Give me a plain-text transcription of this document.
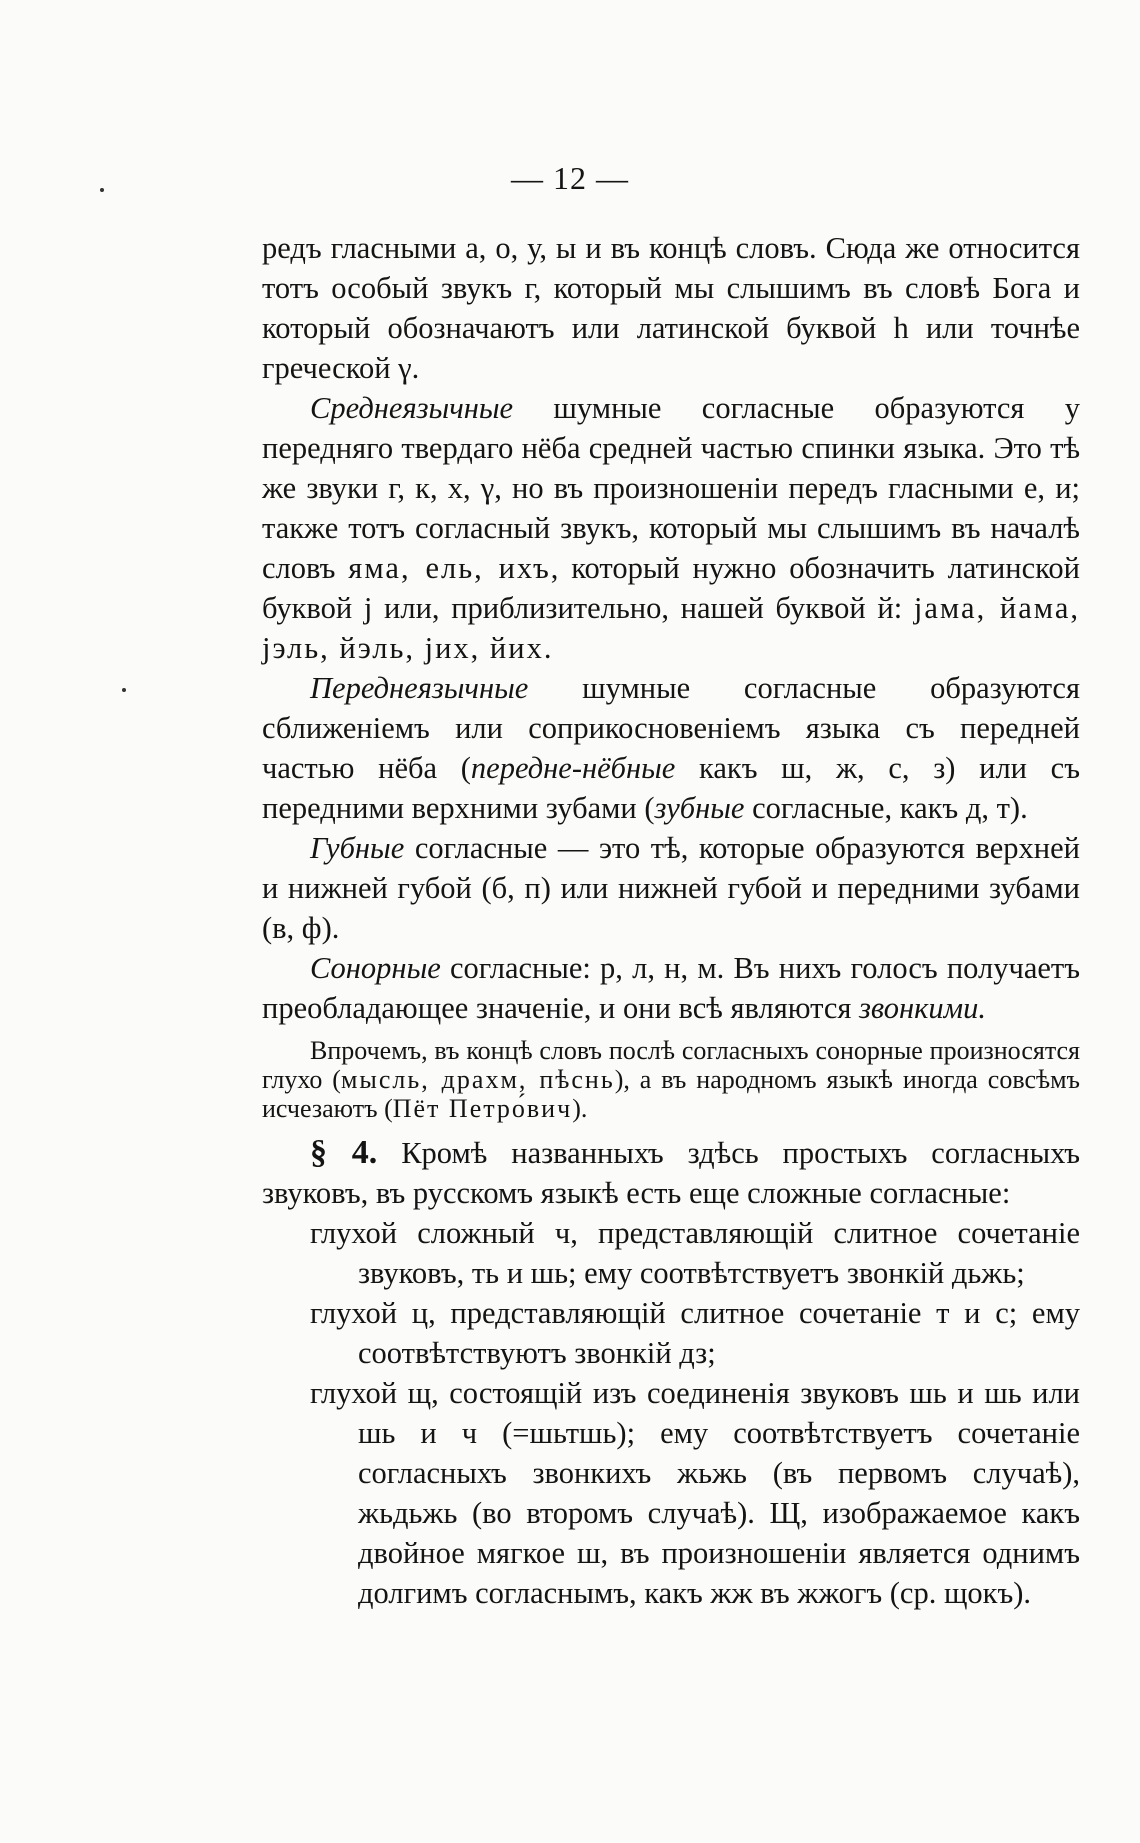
— 12 —

редъ гласными а, о, у, ы и въ концѣ словъ. Сюда же относится тотъ особый звукъ г, который мы слышимъ въ словѣ Бога и который обозначаютъ или латинской буквой h или точнѣе греческой γ.

Среднеязычные шумные согласные образуются у передняго твердаго нёба средней частью спинки языка. Это тѣ же звуки г, к, х, γ, но въ произношеніи передъ гласными е, и; также тотъ согласный звукъ, который мы слышимъ въ началѣ словъ яма, ель, ихъ, который нужно обозначить латинской буквой j или, приблизительно, нашей буквой й: jама, йама, jэль, йэль, jих, йих.

Переднеязычные шумные согласные образуются сближеніемъ или соприкосновеніемъ языка съ передней частью нёба (переднe-нёбные какъ ш, ж, с, з) или съ передними верхними зубами (зубные согласные, какъ д, т).

Губные согласные — это тѣ, которые образуются верхней и нижней губой (б, п) или нижней губой и передними зубами (в, ф).

Сонорные согласные: р, л, н, м. Въ нихъ голосъ получаетъ преобладающее значеніе, и они всѣ являются звонкими.

Впрочемъ, въ концѣ словъ послѣ согласныхъ сонорные произносятся глухо (мысль, драхм, пѣснь), а въ народномъ языкѣ иногда совсѣмъ исчезаютъ (Пёт Петро́вич).

§ 4. Кромѣ названныхъ здѣсь простыхъ согласныхъ звуковъ, въ русскомъ языкѣ есть еще сложные согласные:

глухой сложный ч, представляющій слитное сочетаніе звуковъ, ть и шь; ему соотвѣтствуетъ звонкій дьжь;

глухой ц, представляющій слитное сочетаніе т и с; ему соотвѣтствуютъ звонкій дз;

глухой щ, состоящій изъ соединенія звуковъ шь и шь или шь и ч (=шьтшь); ему соотвѣтствуетъ сочетаніе согласныхъ звонкихъ жьжь (въ первомъ случаѣ), жьдьжь (во второмъ случаѣ). Щ, изображаемое какъ двойное мягкое ш, въ произношеніи является однимъ долгимъ согласнымъ, какъ жж въ жжогъ (ср. щокъ).
